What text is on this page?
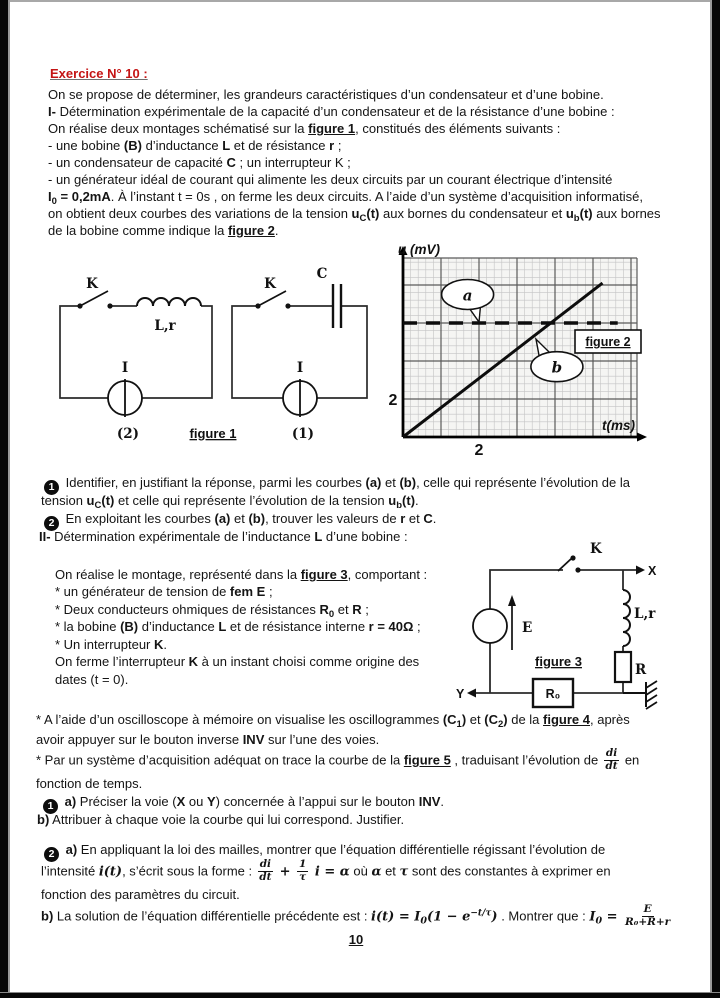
Exercice N° 10 :
On se propose de déterminer, les grandeurs caractéristiques d’un condensateur et d’une bobine.
I- Détermination expérimentale de la capacité d’un condensateur et de la résistance d’une bobine :
On réalise deux montages schématisé sur la figure 1, constitués des éléments suivants :
- une bobine (B) d’inductance L et de résistance r ;
- un condensateur de capacité C ; un interrupteur K ;
- un générateur idéal de courant qui alimente les deux circuits par un courant électrique d’intensité
$I_0 = 0,2mA$. À l’instant t = 0s , on ferme les deux circuits. A l’aide d’un système d’acquisition informatisé,
on obtient deux courbes des variations de la tension $u_C(t)$ aux bornes du condensateur et $u_b(t)$ aux bornes
de la bobine comme indique la figure 2.
K
L,r
I
(2)
K
C
I
(1)
figure 1
2
2
u (mV)
t(ms)
a
b
figure 2
1 Identifier, en justifiant la réponse, parmi les courbes (a) et (b), celle qui représente l’évolution de la
tension $u_C(t)$ et celle qui représente l’évolution de la tension $u_b(t)$.
2 En exploitant les courbes (a) et (b), trouver les valeurs de r et C.
II- Détermination expérimentale de l’inductance L d’une bobine :
On réalise le montage, représenté dans la figure 3, comportant :
* un générateur de tension de fem E ;
* Deux conducteurs ohmiques de résistances $R_0$ et R ;
* la bobine (B) d’inductance L et de résistance interne r = 40Ω ;
* Un interrupteur K.
On ferme l’interrupteur K à un instant choisi comme origine des
dates (t = 0).
K
X
Y
E
L,r
R
R₀
figure 3
* A l’aide d’un oscilloscope à mémoire on visualise les oscillogrammes $(C_1)$ et $(C_2)$ de la figure 4, après
avoir appuyer sur le bouton inverse INV sur l’une des voies.
* Par un système d’acquisition adéquat on trace la courbe de la figure 5 , traduisant l’évolution de $\frac{di}{dt}$ en
fonction de temps.
1 a) Préciser la voie (X ou Y) concernée à l’appui sur le bouton INV.
b) Attribuer à chaque voie la courbe qui lui correspond. Justifier.
2 a) En appliquant la loi des mailles, montrer que l’équation différentielle régissant l’évolution de
l’intensité i(t), s’écrit sous la forme : $\frac{di}{dt} + \frac{1}{\tau}$ i = α où α et τ sont des constantes à exprimer en
fonction des paramètres du circuit.
b) La solution de l’équation différentielle précédente est : $i(t) = I_0(1 - e^{-t/\tau})$ . Montrer que : $I_0 = \frac{E}{\text{R₀+R+r}}$
10
